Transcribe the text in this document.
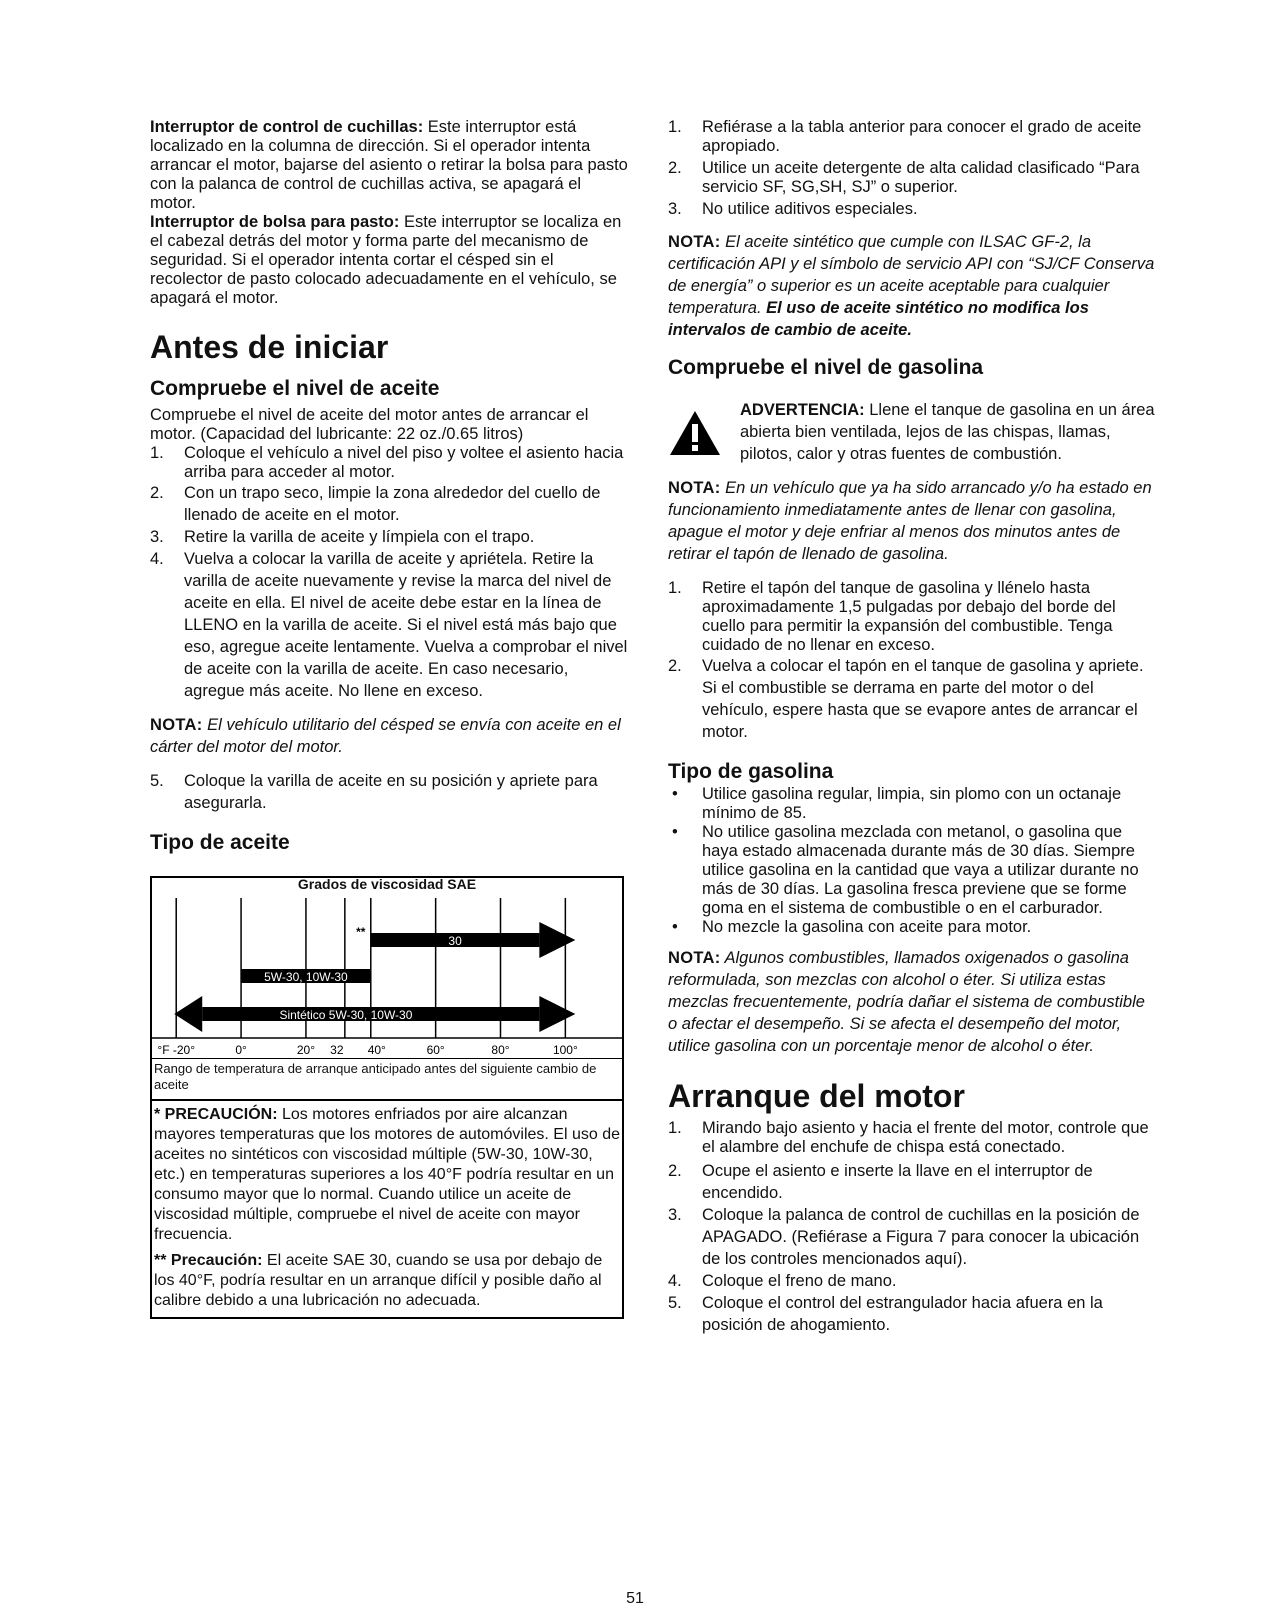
Interruptor de control de cuchillas: Este interruptor está localizado en la columna de dirección. Si el operador intenta arrancar el motor, bajarse del asiento o retirar la bolsa para pasto con la palanca de control de cuchillas activa, se apagará el motor.

Interruptor de bolsa para pasto: Este interruptor se localiza en el cabezal detrás del motor y forma parte del mecanismo de seguridad. Si el operador intenta cortar el césped sin el recolector de pasto colocado adecuadamente en el vehículo, se apagará el motor.

Antes de iniciar
Compruebe el nivel de aceite

Compruebe el nivel de aceite del motor antes de arrancar el motor. (Capacidad del lubricante: 22 oz./0.65 litros)

1. Coloque el vehículo a nivel del piso y voltee el asiento hacia arriba para acceder al motor.
2. Con un trapo seco, limpie la zona alrededor del cuello de llenado de aceite en el motor.
3. Retire la varilla de aceite y límpiela con el trapo.
4. Vuelva a colocar la varilla de aceite y apriétela. Retire la varilla de aceite nuevamente y revise la marca del nivel de aceite en ella. El nivel de aceite debe estar en la línea de LLENO en la varilla de aceite. Si el nivel está más bajo que eso, agregue aceite lentamente. Vuelva a comprobar el nivel de aceite con la varilla de aceite. En caso necesario, agregue más aceite. No llene en exceso.

NOTA: El vehículo utilitario del césped se envía con aceite en el cárter del motor del motor.

5. Coloque la varilla de aceite en su posición y apriete para asegurarla.
Tipo de aceite
30
**
5W-30, 10W-30
Sintético 5W-30, 10W-30
°F -20°	0°	20° 32 40°	60°	80°	100°
Grados de viscosidad SAE
Rango de temperatura de arranque anticipado antes del siguiente cambio de aceite
* PRECAUCIÓN: Los motores enfriados por aire alcanzan mayores temperaturas que los motores de automóviles. El uso de aceites no sintéticos con viscosidad múltiple (5W-30, 10W-30, etc.) en temperaturas superiores a los 40°F podría resultar en un consumo mayor que lo normal. Cuando utilice un aceite de viscosidad múltiple, compruebe el nivel de aceite con mayor frecuencia.
** Precaución: El aceite SAE 30, cuando se usa por debajo de los 40°F, podría resultar en un arranque difícil y posible daño al calibre debido a una lubricación no adecuada.
1. Refiérase a la tabla anterior para conocer el grado de aceite apropiado.
2. Utilice un aceite detergente de alta calidad clasificado “Para servicio SF, SG,SH, SJ” o superior.
3. No utilice aditivos especiales.

NOTA: El aceite sintético que cumple con ILSAC GF-2, la certificación API y el símbolo de servicio API con “SJ/CF Conserva de energía” o superior es un aceite aceptable para cualquier temperatura. El uso de aceite sintético no modifica los intervalos de cambio de aceite.

Compruebe el nivel de gasolina
ADVERTENCIA: Llene el tanque de gasolina en un área abierta bien ventilada, lejos de las chispas, llamas, pilotos, calor y otras fuentes de combustión.

NOTA: En un vehículo que ya ha sido arrancado y/o ha estado en funcionamiento inmediatamente antes de llenar con gasolina, apague el motor y deje enfriar al menos dos minutos antes de retirar el tapón de llenado de gasolina.

1. Retire el tapón del tanque de gasolina y llénelo hasta aproximadamente 1,5 pulgadas por debajo del borde del cuello para permitir la expansión del combustible. Tenga cuidado de no llenar en exceso.
2. Vuelva a colocar el tapón en el tanque de gasolina y apriete. Si el combustible se derrama en parte del motor o del vehículo, espere hasta que se evapore antes de arrancar el motor.
Tipo de gasolina
• Utilice gasolina regular, limpia, sin plomo con un octanaje mínimo de 85.
• No utilice gasolina mezclada con metanol, o gasolina que haya estado almacenada durante más de 30 días. Siempre utilice gasolina en la cantidad que vaya a utilizar durante no más de 30 días. La gasolina fresca previene que se forme goma en el sistema de combustible o en el carburador.
• No mezcle la gasolina con aceite para motor.

NOTA: Algunos combustibles, llamados oxigenados o gasolina reformulada, son mezclas con alcohol o éter. Si utiliza estas mezclas frecuentemente, podría dañar el sistema de combustible o afectar el desempeño. Si se afecta el desempeño del motor, utilice gasolina con un porcentaje menor de alcohol o éter.

Arranque del motor
1. Mirando bajo asiento y hacia el frente del motor, controle que el alambre del enchufe de chispa está conectado.
2. Ocupe el asiento e inserte la llave en el interruptor de encendido.
3. Coloque la palanca de control de cuchillas en la posición de APAGADO. (Refiérase a Figura 7 para conocer la ubicación de los controles mencionados aquí).
4. Coloque el freno de mano.
5. Coloque el control del estrangulador hacia afuera en la posición de ahogamiento.
51
